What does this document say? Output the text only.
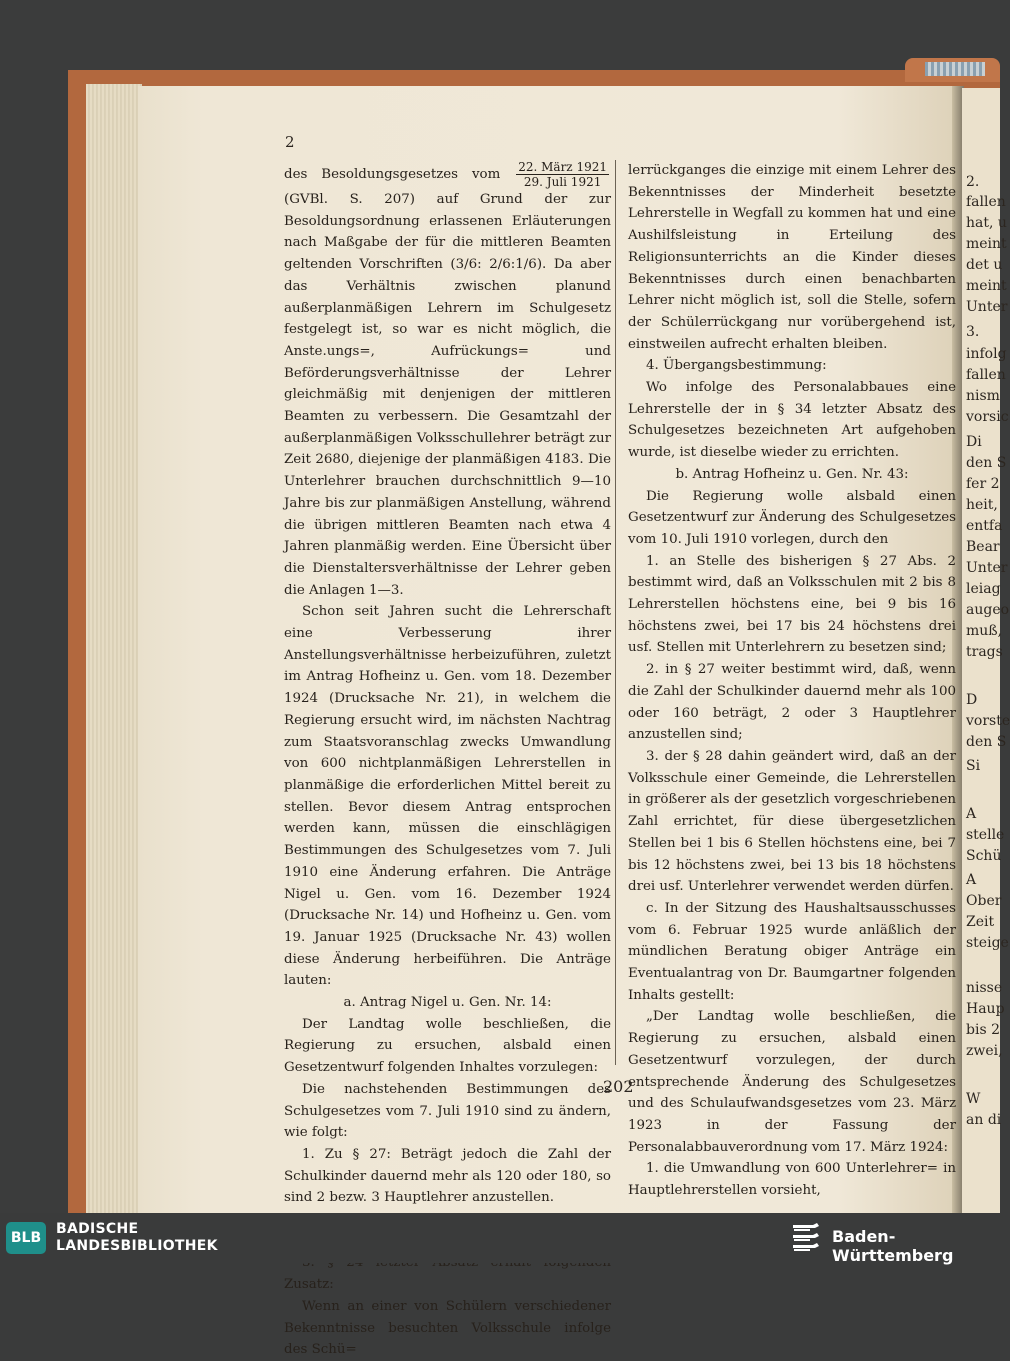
2.
fallen
hat, u
meint
det u
meint
Unter
3.
infolg
fallen
nism
vorsic
Di
den S
fer 2
heit,
entfa
Bear
Unter
leiag
augeo
muß,
trags
D
vorste
den S
Si
A
stelle
Schü
A
Ober
Zeit
steige
nisse
Haup
bis 2
zwei,
W
an di
2

des Besoldungsgesetzes vom $\frac{\text{22. März 1921}}{\text{29. Juli 1921}}$
(GVBl. S. 207) auf Grund der zur Besoldungsordnung erlassenen Erläuterungen nach Maßgabe der für die mittleren Beamten geltenden Vorschriften (3/6: 2/6:1/6). Da aber das Verhältnis zwischen planund außerplanmäßigen Lehrern im Schulgesetz festgelegt ist, so war es nicht möglich, die Anste.ungs=, Aufrückungs= und Beförderungsverhältnisse der Lehrer gleichmäßig mit denjenigen der mittleren Beamten zu verbessern. Die Gesamtzahl der außerplanmäßigen Volksschullehrer beträgt zur Zeit 2680, diejenige der planmäßigen 4183. Die Unterlehrer brauchen durchschnittlich 9—10 Jahre bis zur planmäßigen Anstellung, während die übrigen mittleren Beamten nach etwa 4 Jahren planmäßig werden. Eine Übersicht über die Dienstaltersverhältnisse der Lehrer geben die Anlagen 1—3.

Schon seit Jahren sucht die Lehrerschaft eine Verbesserung ihrer Anstellungsverhältnisse herbeizuführen, zuletzt im Antrag Hofheinz u. Gen. vom 18. Dezember 1924 (Drucksache Nr. 21), in welchem die Regierung ersucht wird, im nächsten Nachtrag zum Staatsvoranschlag zwecks Umwandlung von 600 nichtplanmäßigen Lehrerstellen in planmäßige die erforderlichen Mittel bereit zu stellen. Bevor diesem Antrag entsprochen werden kann, müssen die einschlägigen Bestimmungen des Schulgesetzes vom 7. Juli 1910 eine Änderung erfahren. Die Anträge Nigel u. Gen. vom 16. Dezember 1924 (Drucksache Nr. 14) und Hofheinz u. Gen. vom 19. Januar 1925 (Drucksache Nr. 43) wollen diese Änderung herbeiführen. Die Anträge lauten:

a. Antrag Nigel u. Gen. Nr. 14:

Der Landtag wolle beschließen, die Regierung zu ersuchen, alsbald einen Gesetzentwurf folgenden Inhaltes vorzulegen:

Die nachstehenden Bestimmungen des Schulgesetzes vom 7. Juli 1910 sind zu ändern, wie folgt:

1. Zu § 27: Beträgt jedoch die Zahl der Schulkinder dauernd mehr als 120 oder 180, so sind 2 bezw. 3 Hauptlehrer anzustellen.

Zusatz:

Wenn an einer von Schülern verschiedener Bekenntnisse besuchten Volksschule infolge des Schü=

lerrückganges die einzige mit einem Lehrer des Bekenntnisses der Minderheit besetzte Lehrerstelle in Wegfall zu kommen hat und eine Aushilfsleistung in Erteilung des Religionsunterrichts an die Kinder dieses Bekenntnisses durch einen benachbarten Lehrer nicht möglich ist, soll die Stelle, sofern der Schülerrückgang nur vorübergehend ist, einstweilen aufrecht erhalten bleiben.

4. Übergangsbestimmung:

Wo infolge des Personalabbaues eine Lehrerstelle der in § 34 letzter Absatz des Schulgesetzes bezeichneten Art aufgehoben wurde, ist dieselbe wieder zu errichten.

b. Antrag Hofheinz u. Gen. Nr. 43:

Die Regierung wolle alsbald einen Gesetzentwurf zur Änderung des Schulgesetzes vom 10. Juli 1910 vorlegen, durch den

1. an Stelle des bisherigen § 27 Abs. 2 bestimmt wird, daß an Volksschulen mit 2 bis 8 Lehrerstellen höchstens eine, bei 9 bis 16 höchstens zwei, bei 17 bis 24 höchstens drei usf. Stellen mit Unterlehrern zu besetzen sind;

2. in § 27 weiter bestimmt wird, daß, wenn die Zahl der Schulkinder dauernd mehr als 100 oder 160 beträgt, 2 oder 3 Hauptlehrer anzustellen sind;

3. der § 28 dahin geändert wird, daß an der Volksschule einer Gemeinde, die Lehrerstellen in größerer als der gesetzlich vorgeschriebenen Zahl errichtet, für diese übergesetzlichen Stellen bei 1 bis 6 Stellen höchstens eine, bei 7 bis 12 höchstens zwei, bei 13 bis 18 höchstens drei usf. Unterlehrer verwendet werden dürfen.

c. In der Sitzung des Haushaltsausschusses vom 6. Februar 1925 wurde anläßlich der mündlichen Beratung obiger Anträge ein Eventualantrag von Dr. Baumgartner folgenden Inhalts gestellt:

„Der Landtag wolle beschließen, die Regierung zu ersuchen, alsbald einen Gesetzentwurf vorzulegen, der durch entsprechende Änderung des Schulgesetzes und des Schulaufwandsgesetzes vom 23. März 1923 in der Fassung der Personalabbauverordnung vom 17. März 1924:

1. die Umwandlung von 600 Unterlehrer= in Hauptlehrerstellen vorsieht,

202
BLB
BADISCHE
LANDESBIBLIOTHEK	Baden-Württemberg
